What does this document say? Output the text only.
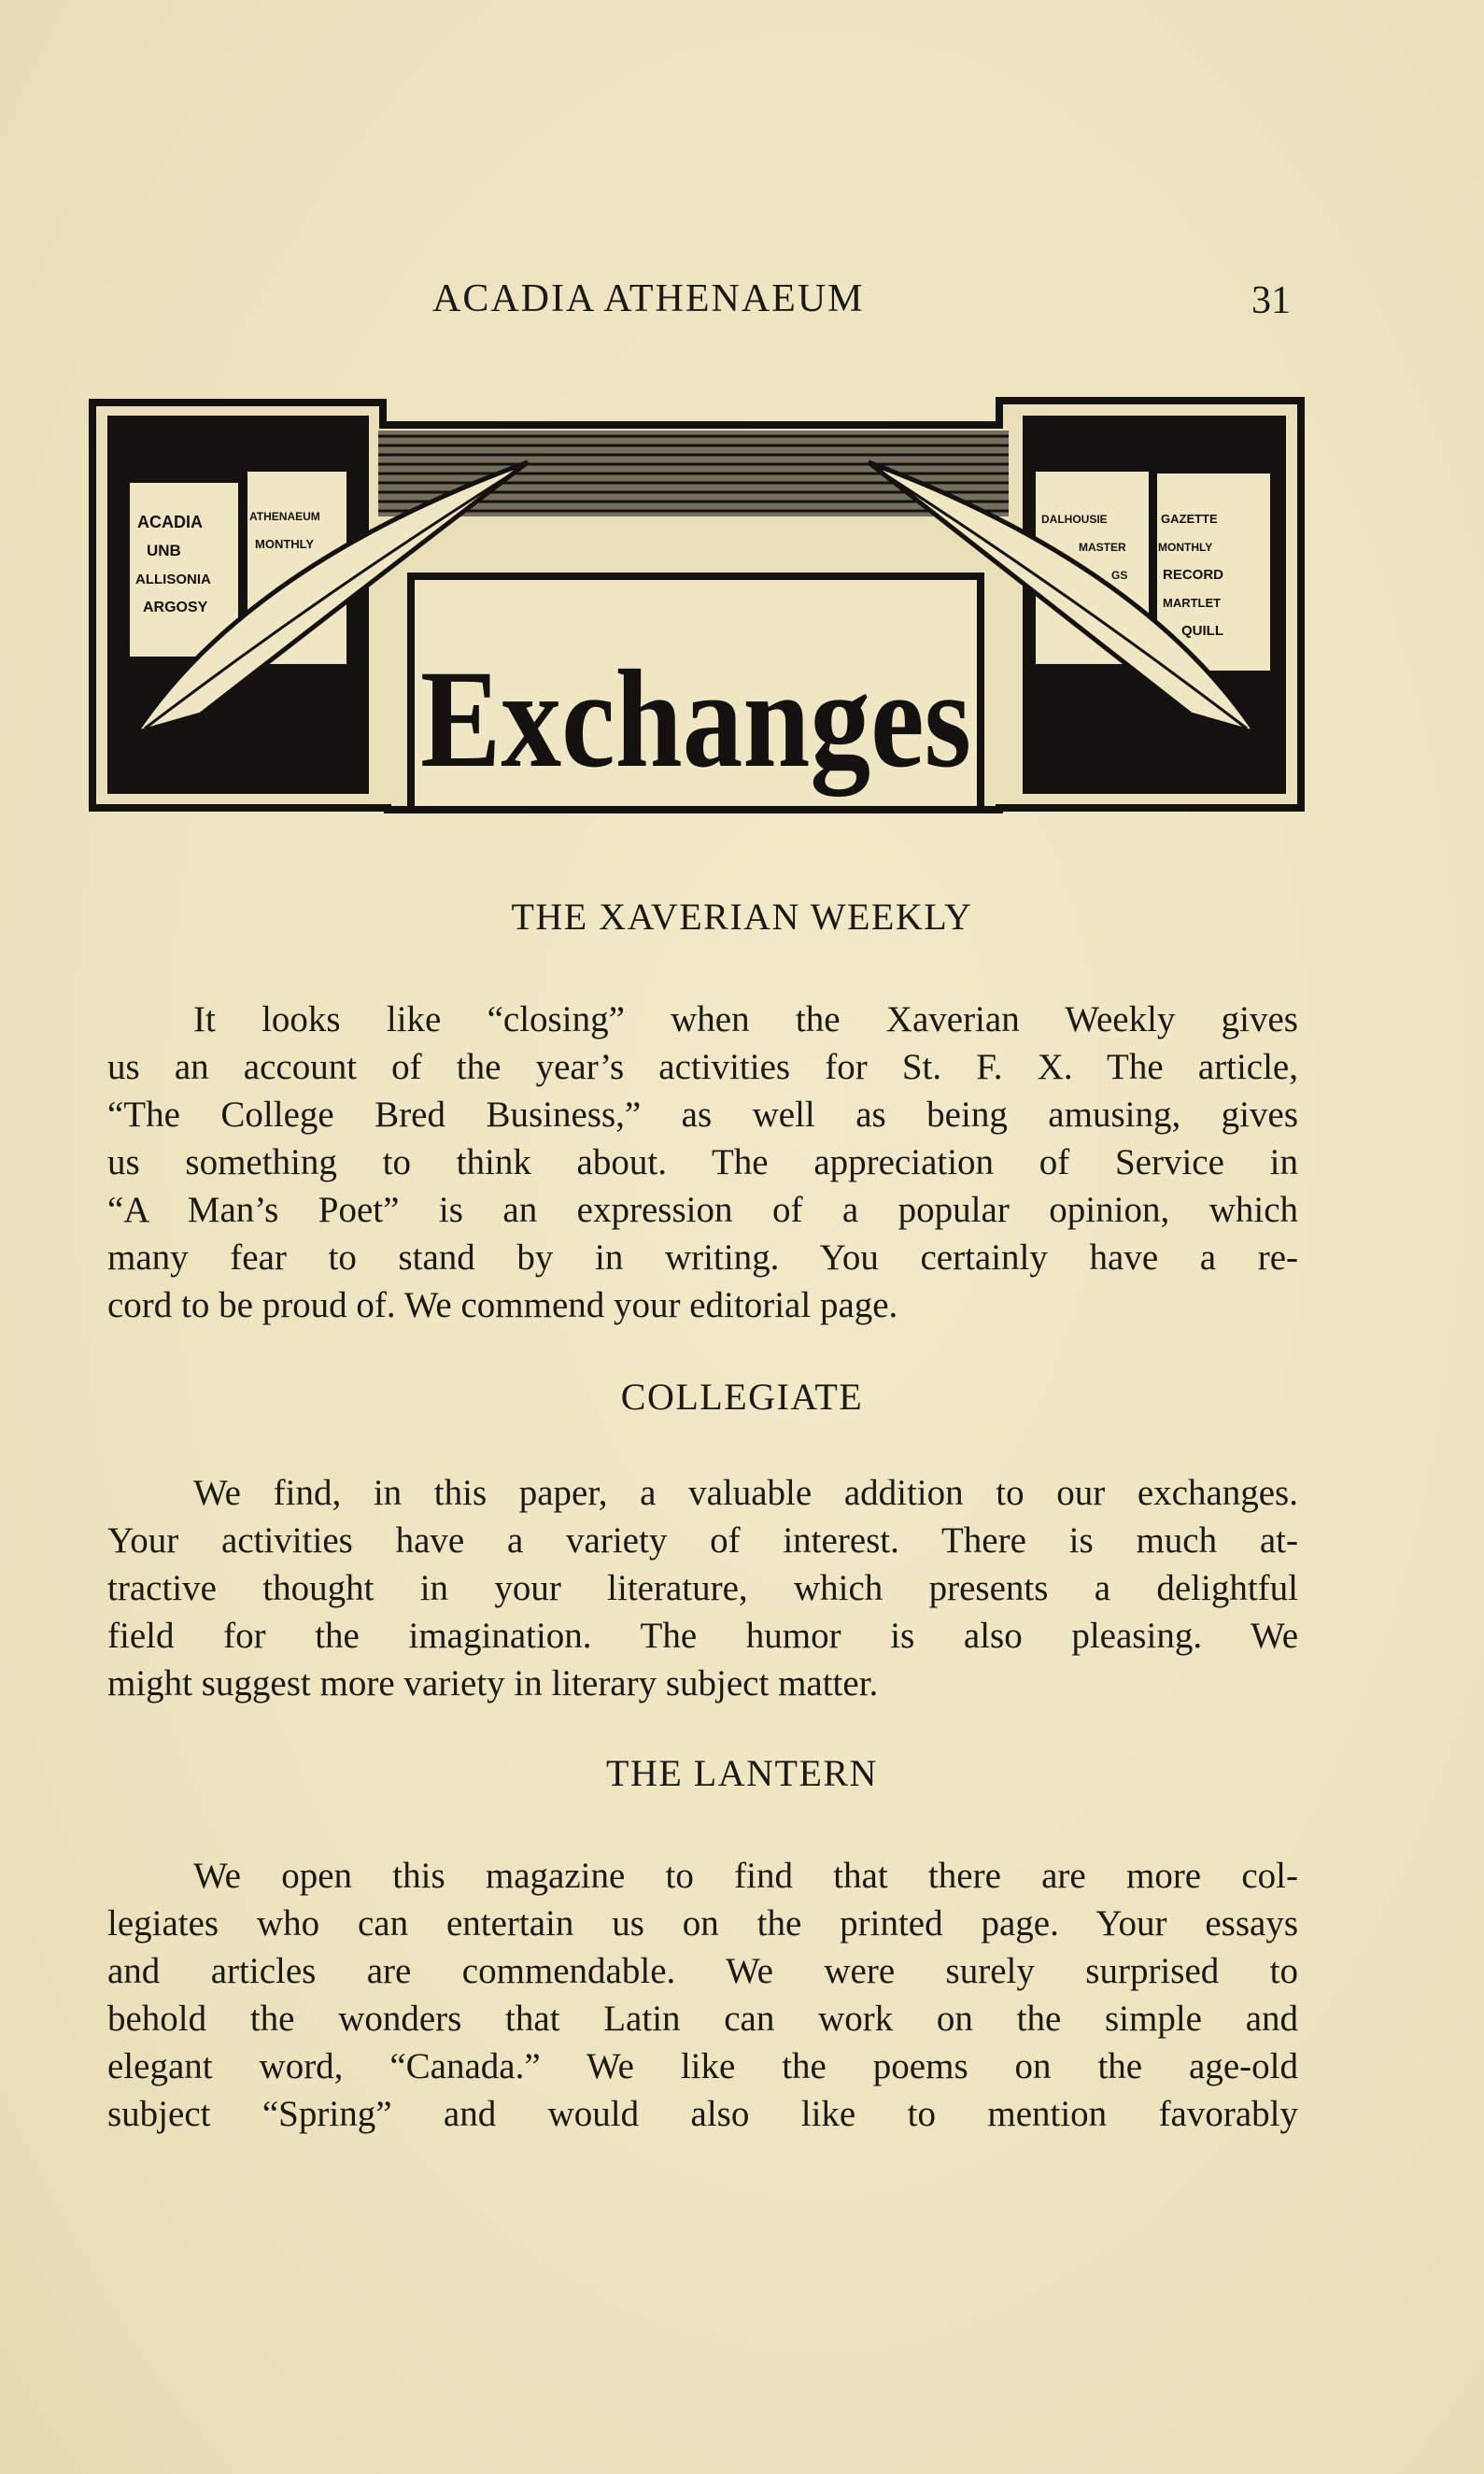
ACADIA ATHENAEUM	31
ACADIA
UNB
ALLISONIA
ARGOSY
ATHENAEUM
MONTHLY
DALHOUSIE	GAZETTE
MASTER	MONTHLY
GS	RECORD
MARTLET
QUILL
Exchanges
THE XAVERIAN WEEKLY
It looks like “closing” when the Xaverian Weekly gives
us an account of the year’s activities for St. F. X. The article,
“The College Bred Business,” as well as being amusing, gives
us something to think about. The appreciation of Service in
“A Man’s Poet” is an expression of a popular opinion, which
many fear to stand by in writing. You certainly have a re-
cord to be proud of. We commend your editorial page.
COLLEGIATE
We find, in this paper, a valuable addition to our exchanges.
Your activities have a variety of interest. There is much at-
tractive thought in your literature, which presents a delightful
field for the imagination. The humor is also pleasing. We
might suggest more variety in literary subject matter.
THE LANTERN
We open this magazine to find that there are more col-
legiates who can entertain us on the printed page. Your essays
and articles are commendable. We were surely surprised to
behold the wonders that Latin can work on the simple and
elegant word, “Canada.” We like the poems on the age-old
subject “Spring” and would also like to mention favorably
